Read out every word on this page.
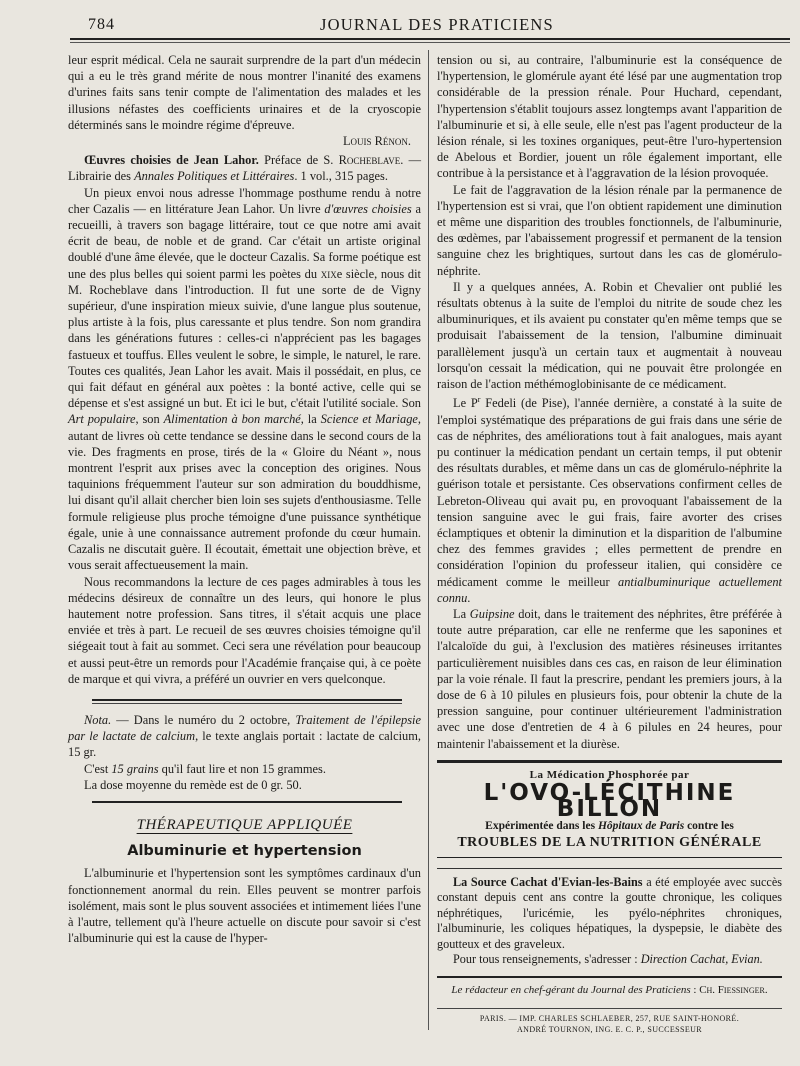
784	JOURNAL DES PRATICIENS

leur esprit médical. Cela ne saurait surprendre de la part d'un médecin qui a eu le très grand mérite de nous montrer l'inanité des examens d'urines faits sans tenir compte de l'alimentation des malades et les illusions néfastes des coefficients urinaires et de la cryoscopie déterminés sans le moindre régime d'épreuve.

Louis Rénon.

Œuvres choisies de Jean Lahor. Préface de S. Rocheblave. — Librairie des Annales Politiques et Littéraires. 1 vol., 315 pages.

Un pieux envoi nous adresse l'hommage posthume rendu à notre cher Cazalis — en littérature Jean Lahor. Un livre d'œuvres choisies a recueilli, à travers son bagage littéraire, tout ce que notre ami avait écrit de beau, de noble et de grand. Car c'était un artiste original doublé d'une âme élevée, que le docteur Cazalis. Sa forme poétique est une des plus belles qui soient parmi les poètes du xixe siècle, nous dit M. Rocheblave dans l'introduction. Il fut une sorte de de Vigny supérieur, d'une inspiration mieux suivie, d'une langue plus soutenue, plus artiste à la fois, plus caressante et plus tendre. Son nom grandira dans les générations futures : celles-ci n'apprécient pas les bagages fastueux et touffus. Elles veulent le sobre, le simple, le naturel, le rare. Toutes ces qualités, Jean Lahor les avait. Mais il possédait, en plus, ce qui fait défaut en général aux poètes : la bonté active, celle qui se dépense et s'est assigné un but. Et ici le but, c'était l'utilité sociale. Son Art populaire, son Alimentation à bon marché, la Science et Mariage, autant de livres où cette tendance se dessine dans le second cours de la vie. Des fragments en prose, tirés de la « Gloire du Néant », nous montrent l'esprit aux prises avec la conception des origines. Nous taquinions fréquemment l'auteur sur son admiration du bouddhisme, lui disant qu'il allait chercher bien loin ses sujets d'enthousiasme. Telle formule religieuse plus proche témoigne d'une puissance synthétique égale, unie à une connaissance autrement profonde du cœur humain. Cazalis ne discutait guère. Il écoutait, émettait une objection brève, et vous serait affectueusement la main.

Nous recommandons la lecture de ces pages admirables à tous les médecins désireux de connaître un des leurs, qui honore le plus hautement notre profession. Sans titres, il s'était acquis une place enviée et très à part. Le recueil de ses œuvres choisies témoigne qu'il siégeait tout à fait au sommet. Ceci sera une révélation pour beaucoup et aussi peut-être un remords pour l'Académie française qui, à ce poète de marque et qui vivra, a préféré un ouvrier en vers quelconque.

Nota. — Dans le numéro du 2 octobre, Traitement de l'épilepsie par le lactate de calcium, le texte anglais portait : lactate de calcium, 15 gr.

C'est 15 grains qu'il faut lire et non 15 grammes.

La dose moyenne du remède est de 0 gr. 50.

THÉRAPEUTIQUE APPLIQUÉE
Albuminurie et hypertension

L'albuminurie et l'hypertension sont les symptômes cardinaux d'un fonctionnement anormal du rein. Elles peuvent se montrer parfois isolément, mais sont le plus souvent associées et intimement liées l'une à l'autre, tellement qu'à l'heure actuelle on discute pour savoir si c'est l'albuminurie qui est la cause de l'hyper-

tension ou si, au contraire, l'albuminurie est la conséquence de l'hypertension, le glomérule ayant été lésé par une augmentation trop considérable de la pression rénale. Pour Huchard, cependant, l'hypertension s'établit toujours assez longtemps avant l'apparition de l'albuminurie et si, à elle seule, elle n'est pas l'agent producteur de la lésion rénale, si les toxines organiques, peut-être l'uro-hypertension de Abelous et Bordier, jouent un rôle également important, elle contribue à la persistance et à l'aggravation de la lésion provoquée.

Le fait de l'aggravation de la lésion rénale par la permanence de l'hypertension est si vrai, que l'on obtient rapidement une diminution et même une disparition des troubles fonctionnels, de l'albuminurie, des œdèmes, par l'abaissement progressif et permanent de la tension sanguine chez les brightiques, surtout dans les cas de glomérulo-néphrite.

Il y a quelques années, A. Robin et Chevalier ont publié les résultats obtenus à la suite de l'emploi du nitrite de soude chez les albuminuriques, et ils avaient pu constater qu'en même temps que se produisait l'abaissement de la tension, l'albumine diminuait parallèlement jusqu'à un certain taux et augmentait à nouveau lorsqu'on cessait la médication, qui ne pouvait être prolongée en raison de l'action méthémoglobinisante de ce médicament.

Le $P^r$ Fedeli (de Pise), l'année dernière, a constaté à la suite de l'emploi systématique des préparations de gui frais dans une série de cas de néphrites, des améliorations tout à fait analogues, mais ayant pu continuer la médication pendant un certain temps, il put obtenir des résultats durables, et même dans un cas de glomérulo-néphrite la guérison totale et persistante. Ces observations confirment celles de Lebreton-Oliveau qui avait pu, en provoquant l'abaissement de la tension sanguine avec le gui frais, faire avorter des crises éclamptiques et obtenir la diminution et la disparition de l'albumine chez des femmes gravides ; elles permettent de prendre en considération l'opinion du professeur italien, qui considère ce médicament comme le meilleur antialbuminurique actuellement connu.

La Guipsine doit, dans le traitement des néphrites, être préférée à toute autre préparation, car elle ne renferme que les saponines et l'alcaloïde du gui, à l'exclusion des matières résineuses irritantes particulièrement nuisibles dans ces cas, en raison de leur élimination par la voie rénale. Il faut la prescrire, pendant les premiers jours, à la dose de 6 à 10 pilules en plusieurs fois, pour obtenir la chute de la pression sanguine, pour continuer ultérieurement l'administration avec une dose d'entretien de 4 à 6 pilules en 24 heures, pour maintenir l'abaissement et la diurèse.

La Médication Phosphorée par
L'OVO-LÉCITHINE BILLON
Expérimentée dans les Hôpitaux de Paris contre les
TROUBLES DE LA NUTRITION GÉNÉRALE

La Source Cachat d'Evian-les-Bains a été employée avec succès constant depuis cent ans contre la goutte chronique, les coliques néphrétiques, l'uricémie, les pyélo-néphrites chroniques, l'albuminurie, les coliques hépatiques, la dyspepsie, le diabète des goutteux et des graveleux.

Pour tous renseignements, s'adresser : Direction Cachat, Evian.

Le rédacteur en chef-gérant du Journal des Praticiens : Ch. Fiessinger.
PARIS. — IMP. CHARLES SCHLAEBER, 257, RUE SAINT-HONORÉ.
ANDRÉ TOURNON, ING. E. C. P., SUCCESSEUR
